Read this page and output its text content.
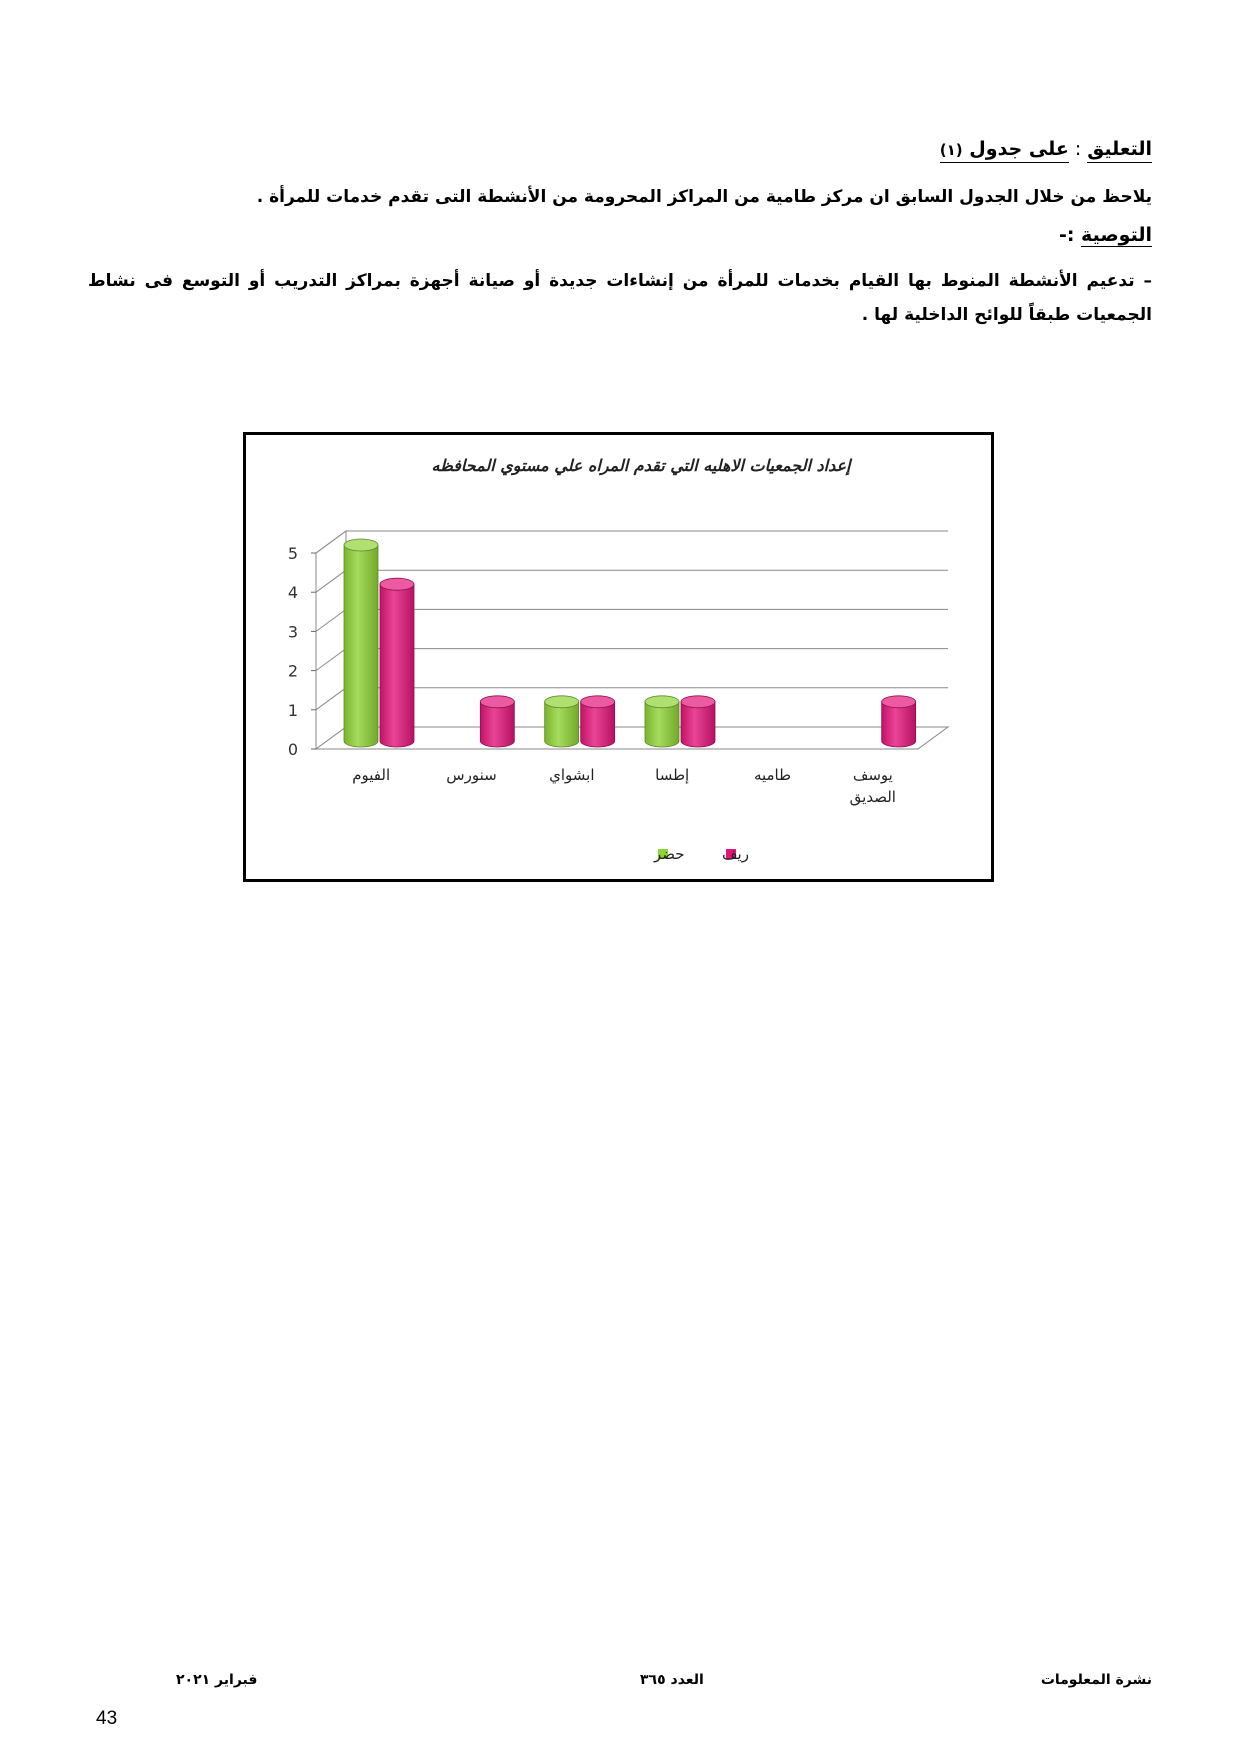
التعليق:على جدول (١)
يلاحظ من خلال الجدول السابق ان مركز طامية من المراكز المحرومة من الأنشطة التى تقدم خدمات للمرأة .
التوصية :-
– تدعيم الأنشطة المنوط بها القيام بخدمات للمرأة من إنشاءات جديدة أو صيانة أجهزة بمراكز التدريب أو التوسع فى نشاط الجمعيات طبقاً للوائح الداخلية لها .
إعداد الجمعيات الاهليه التي تقدم المراه علي مستوي المحافظه
0
1
2
3
4
5
الفيوم	سنورس	ابشواي	إطسا	طاميه	يوسف
الصديق
حضر ريف
نشرة المعلومات
العدد ٣٦٥
فبراير ٢٠٢١
43
